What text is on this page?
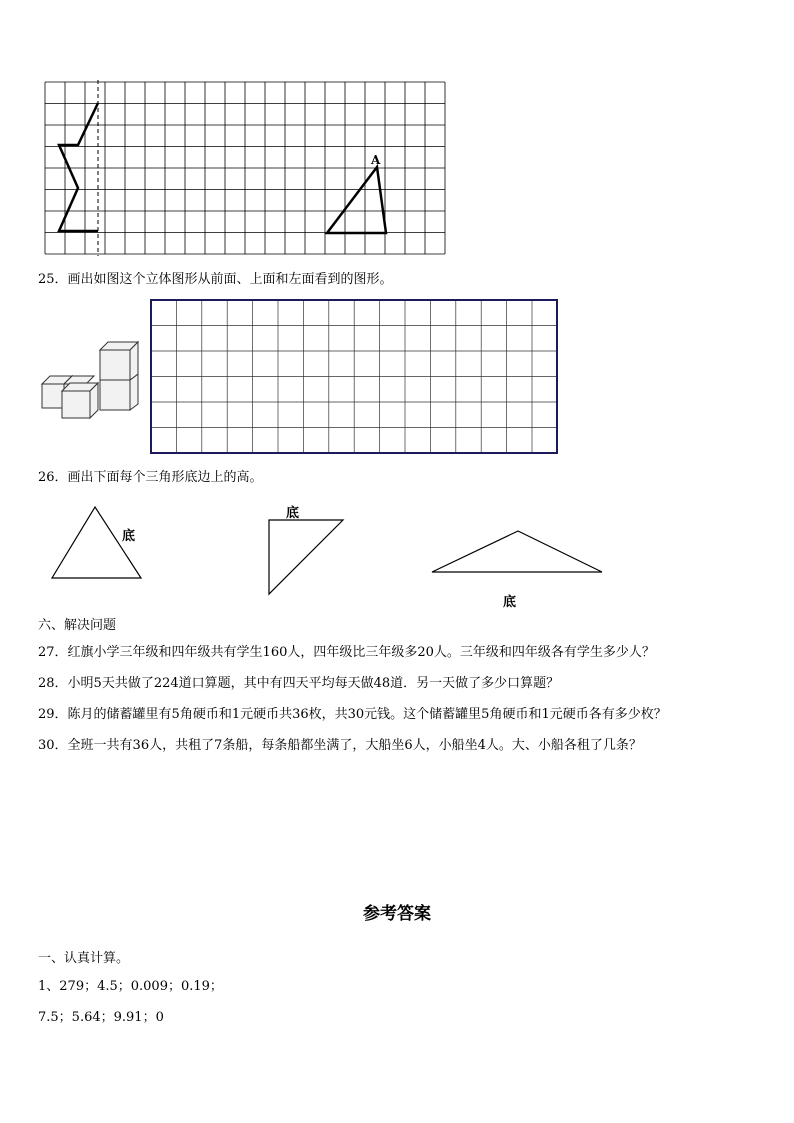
A
25．画出如图这个立体图形从前面、上面和左面看到的图形。
26．画出下面每个三角形底边上的高。
底
底
底
六、解决问题
27．红旗小学三年级和四年级共有学生160人，四年级比三年级多20人。三年级和四年级各有学生多少人？
28．小明5天共做了224道口算题，其中有四天平均每天做48道．另一天做了多少口算题？
29．陈月的储蓄罐里有5角硬币和1元硬币共36枚，共30元钱。这个储蓄罐里5角硬币和1元硬币各有多少枚？
30．全班一共有36人，共租了7条船，每条船都坐满了，大船坐6人，小船坐4人。大、小船各租了几条？
参考答案
一、认真计算。
1、279；4.5；0.009；0.19；
7.5；5.64；9.91；0
